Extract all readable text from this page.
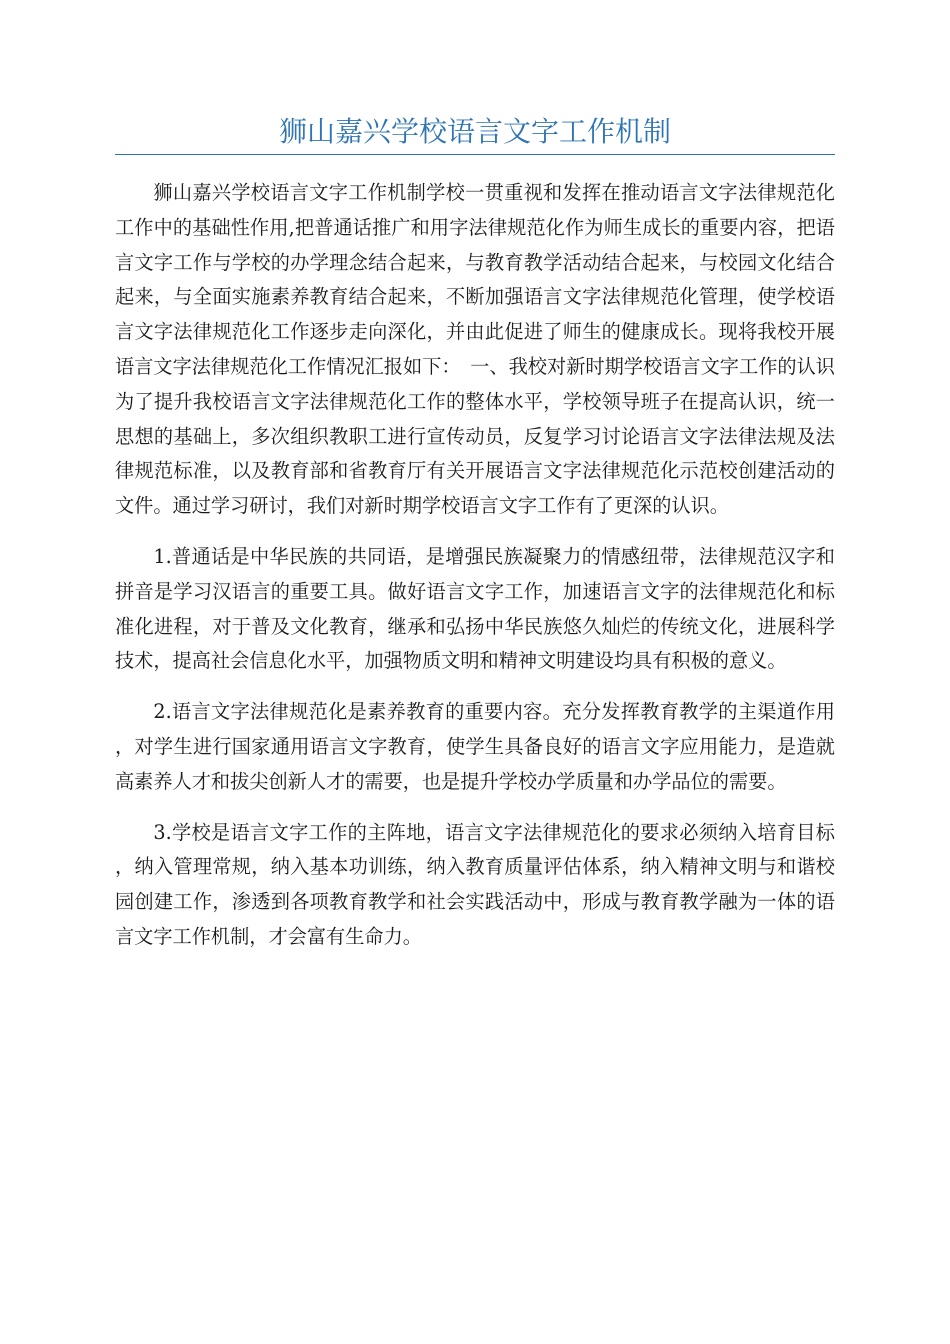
狮山嘉兴学校语言文字工作机制

狮山嘉兴学校语言文字工作机制学校一贯重视和发挥在推动语言文字法律规范化工作中的基础性作用,把普通话推广和用字法律规范化作为师生成长的重要内容，把语言文字工作与学校的办学理念结合起来，与教育教学活动结合起来，与校园文化结合起来，与全面实施素养教育结合起来，不断加强语言文字法律规范化管理，使学校语言文字法律规范化工作逐步走向深化，并由此促进了师生的健康成长。现将我校开展语言文字法律规范化工作情况汇报如下：　一、我校对新时期学校语言文字工作的认识为了提升我校语言文字法律规范化工作的整体水平，学校领导班子在提高认识，统一思想的基础上，多次组织教职工进行宣传动员，反复学习讨论语言文字法律法规及法律规范标准，以及教育部和省教育厅有关开展语言文字法律规范化示范校创建活动的文件。通过学习研讨，我们对新时期学校语言文字工作有了更深的认识。

1.普通话是中华民族的共同语，是增强民族凝聚力的情感纽带，法律规范汉字和拼音是学习汉语言的重要工具。做好语言文字工作，加速语言文字的法律规范化和标准化进程，对于普及文化教育，继承和弘扬中华民族悠久灿烂的传统文化，进展科学技术，提高社会信息化水平，加强物质文明和精神文明建设均具有积极的意义。

2.语言文字法律规范化是素养教育的重要内容。充分发挥教育教学的主渠道作用，对学生进行国家通用语言文字教育，使学生具备良好的语言文字应用能力，是造就高素养人才和拔尖创新人才的需要，也是提升学校办学质量和办学品位的需要。

3.学校是语言文字工作的主阵地，语言文字法律规范化的要求必须纳入培育目标，纳入管理常规，纳入基本功训练，纳入教育质量评估体系，纳入精神文明与和谐校园创建工作，渗透到各项教育教学和社会实践活动中，形成与教育教学融为一体的语言文字工作机制，才会富有生命力。
